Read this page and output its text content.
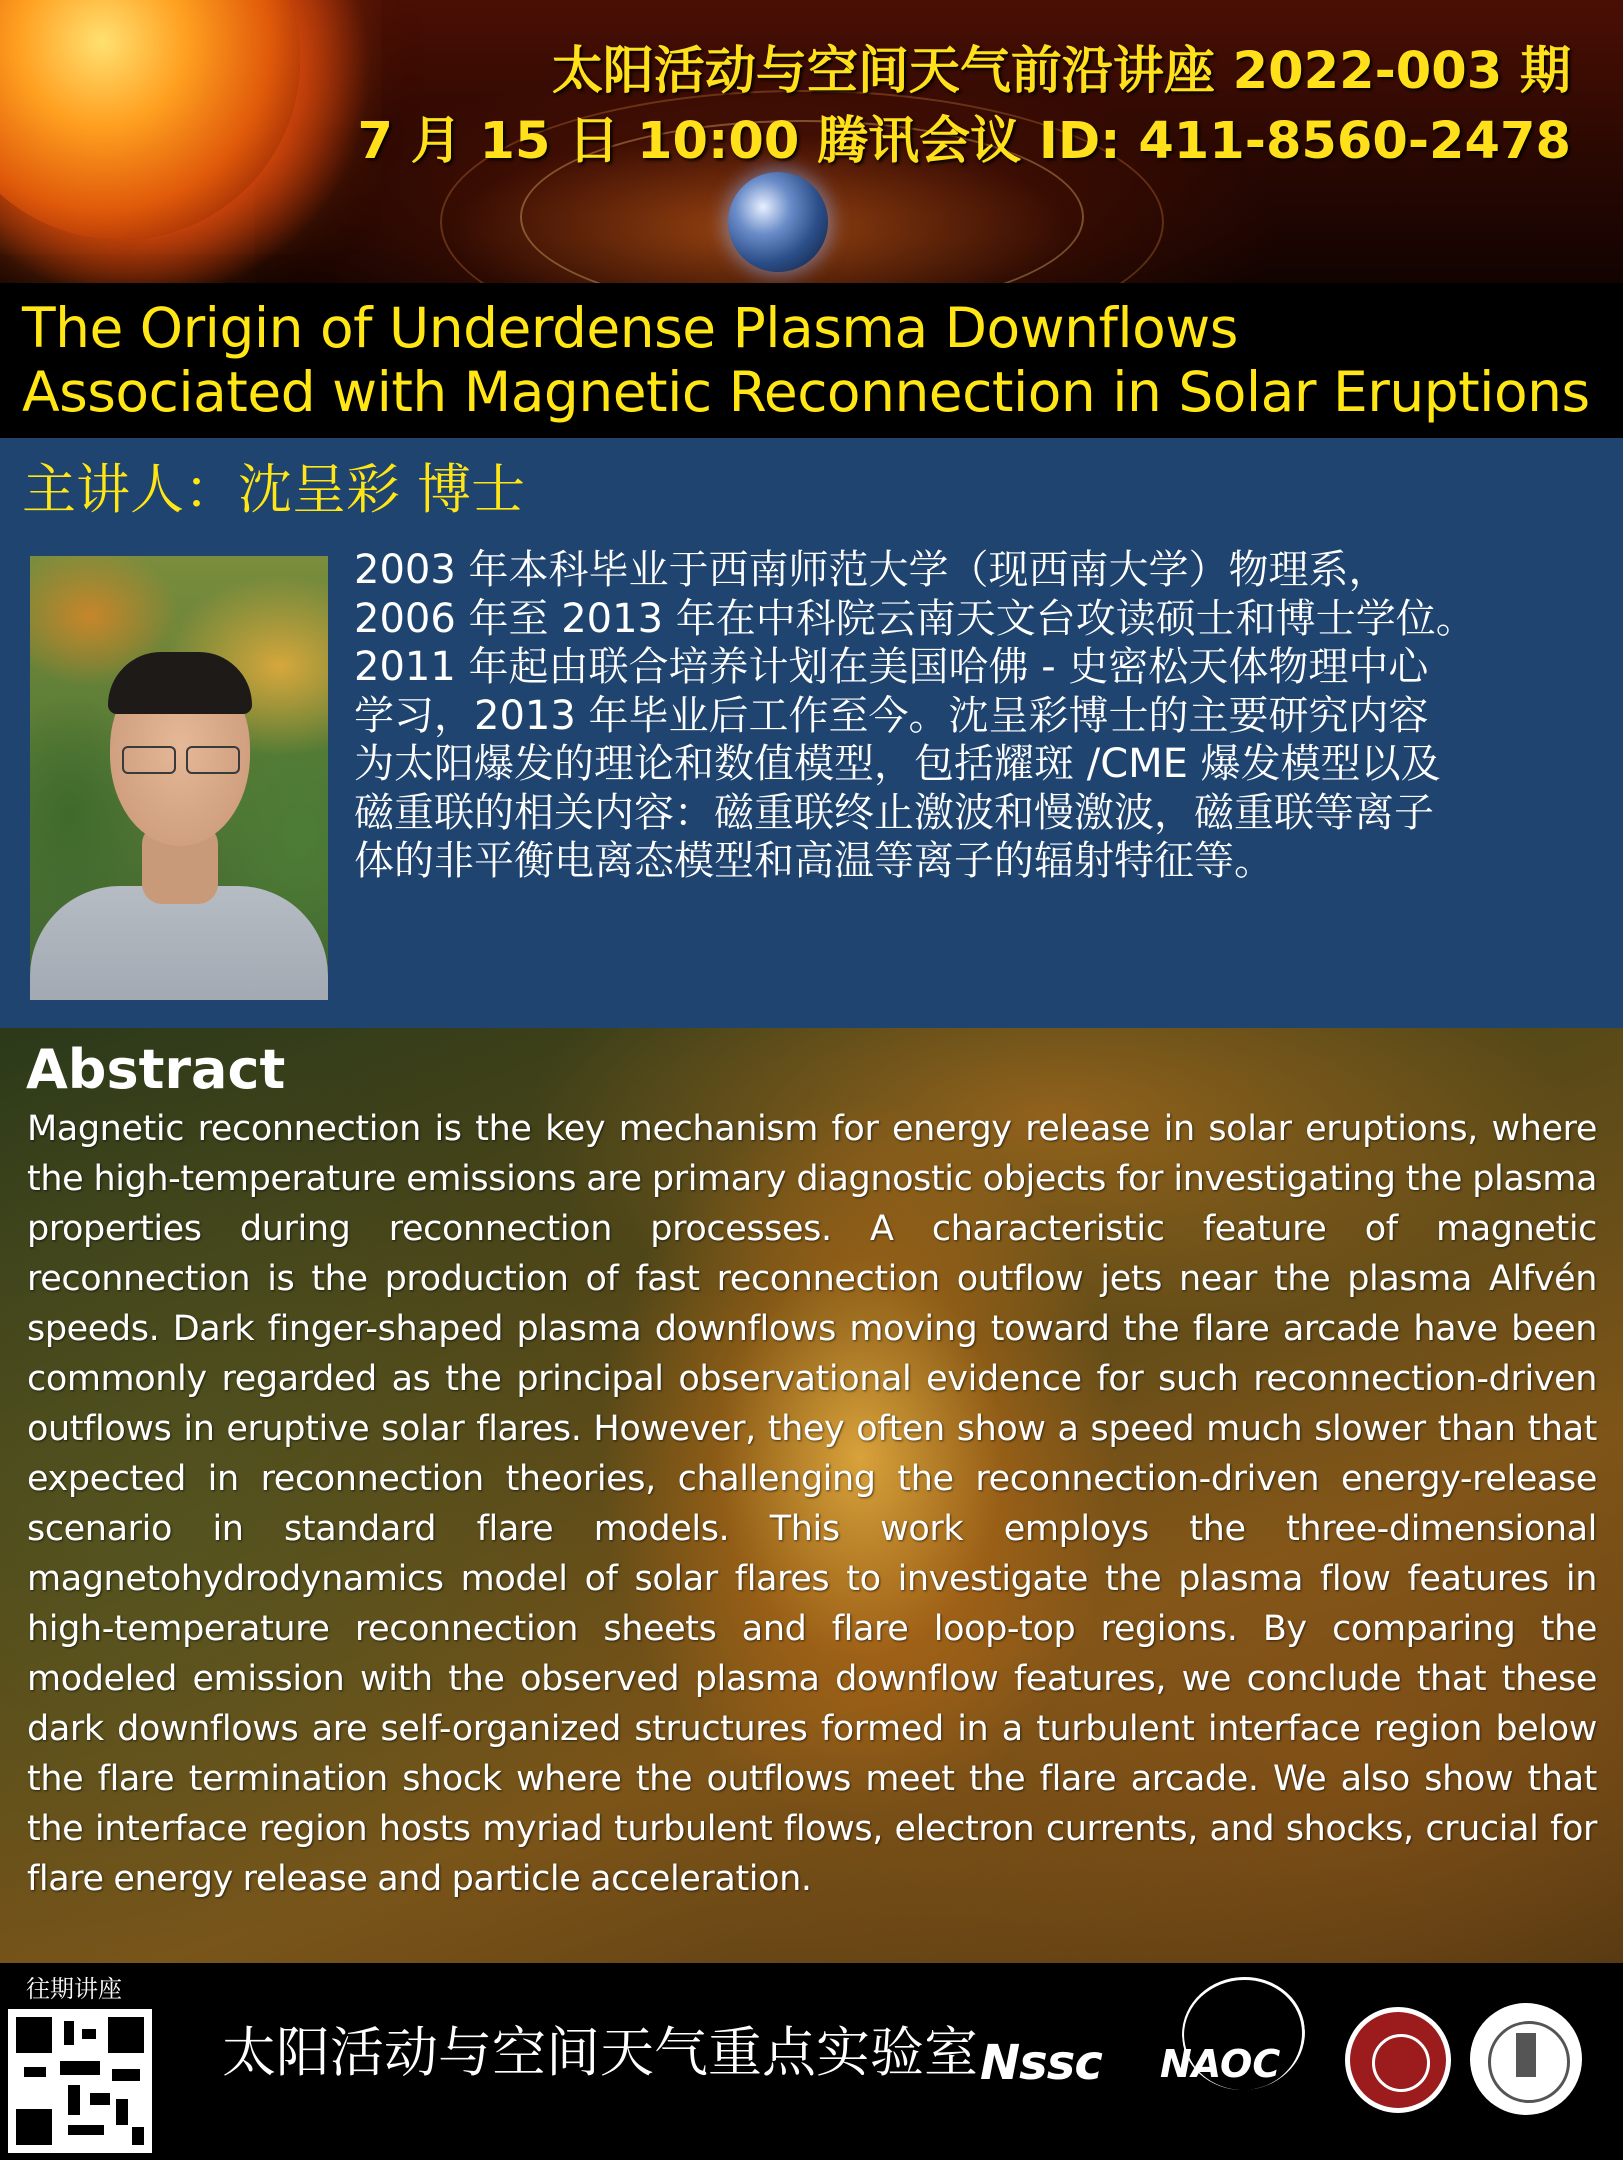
太阳活动与空间天气前沿讲座 2022-003 期
7 月 15 日 10:00 腾讯会议 ID: 411-8560-2478
The Origin of Underdense Plasma Downflows
Associated with Magnetic Reconnection in Solar Eruptions
主讲人：沈呈彩 博士
2003 年本科毕业于西南师范大学（现西南大学）物理系，
2006 年至 2013 年在中科院云南天文台攻读硕士和博士学位。
2011 年起由联合培养计划在美国哈佛 - 史密松天体物理中心
学习，2013 年毕业后工作至今。沈呈彩博士的主要研究内容
为太阳爆发的理论和数值模型，包括耀斑 /CME 爆发模型以及
磁重联的相关内容：磁重联终止激波和慢激波，磁重联等离子
体的非平衡电离态模型和高温等离子的辐射特征等。
Abstract
Magnetic reconnection is the key mechanism for energy release in solar eruptions, where the high-temperature emissions are primary diagnostic objects for investigating the plasma properties during reconnection processes. A characteristic feature of magnetic reconnection is the production of fast reconnection outflow jets near the plasma Alfvén speeds. Dark finger-shaped plasma downflows moving toward the flare arcade have been commonly regarded as the principal observational evidence for such reconnection-driven outflows in eruptive solar flares. However, they often show a speed much slower than that expected in reconnection theories, challenging the reconnection-driven energy-release scenario in standard flare models. This work employs the three-dimensional magnetohydrodynamics model of solar flares to investigate the plasma flow features in high-temperature reconnection sheets and flare loop-top regions. By comparing the modeled emission with the observed plasma downflow features, we conclude that these dark downflows are self-organized structures formed in a turbulent interface region below the flare termination shock where the outflows meet the flare arcade. We also show that the interface region hosts myriad turbulent flows, electron currents, and shocks, crucial for flare energy release and particle acceleration.
往期讲座
太阳活动与空间天气重点实验室 Nssc NAOC
